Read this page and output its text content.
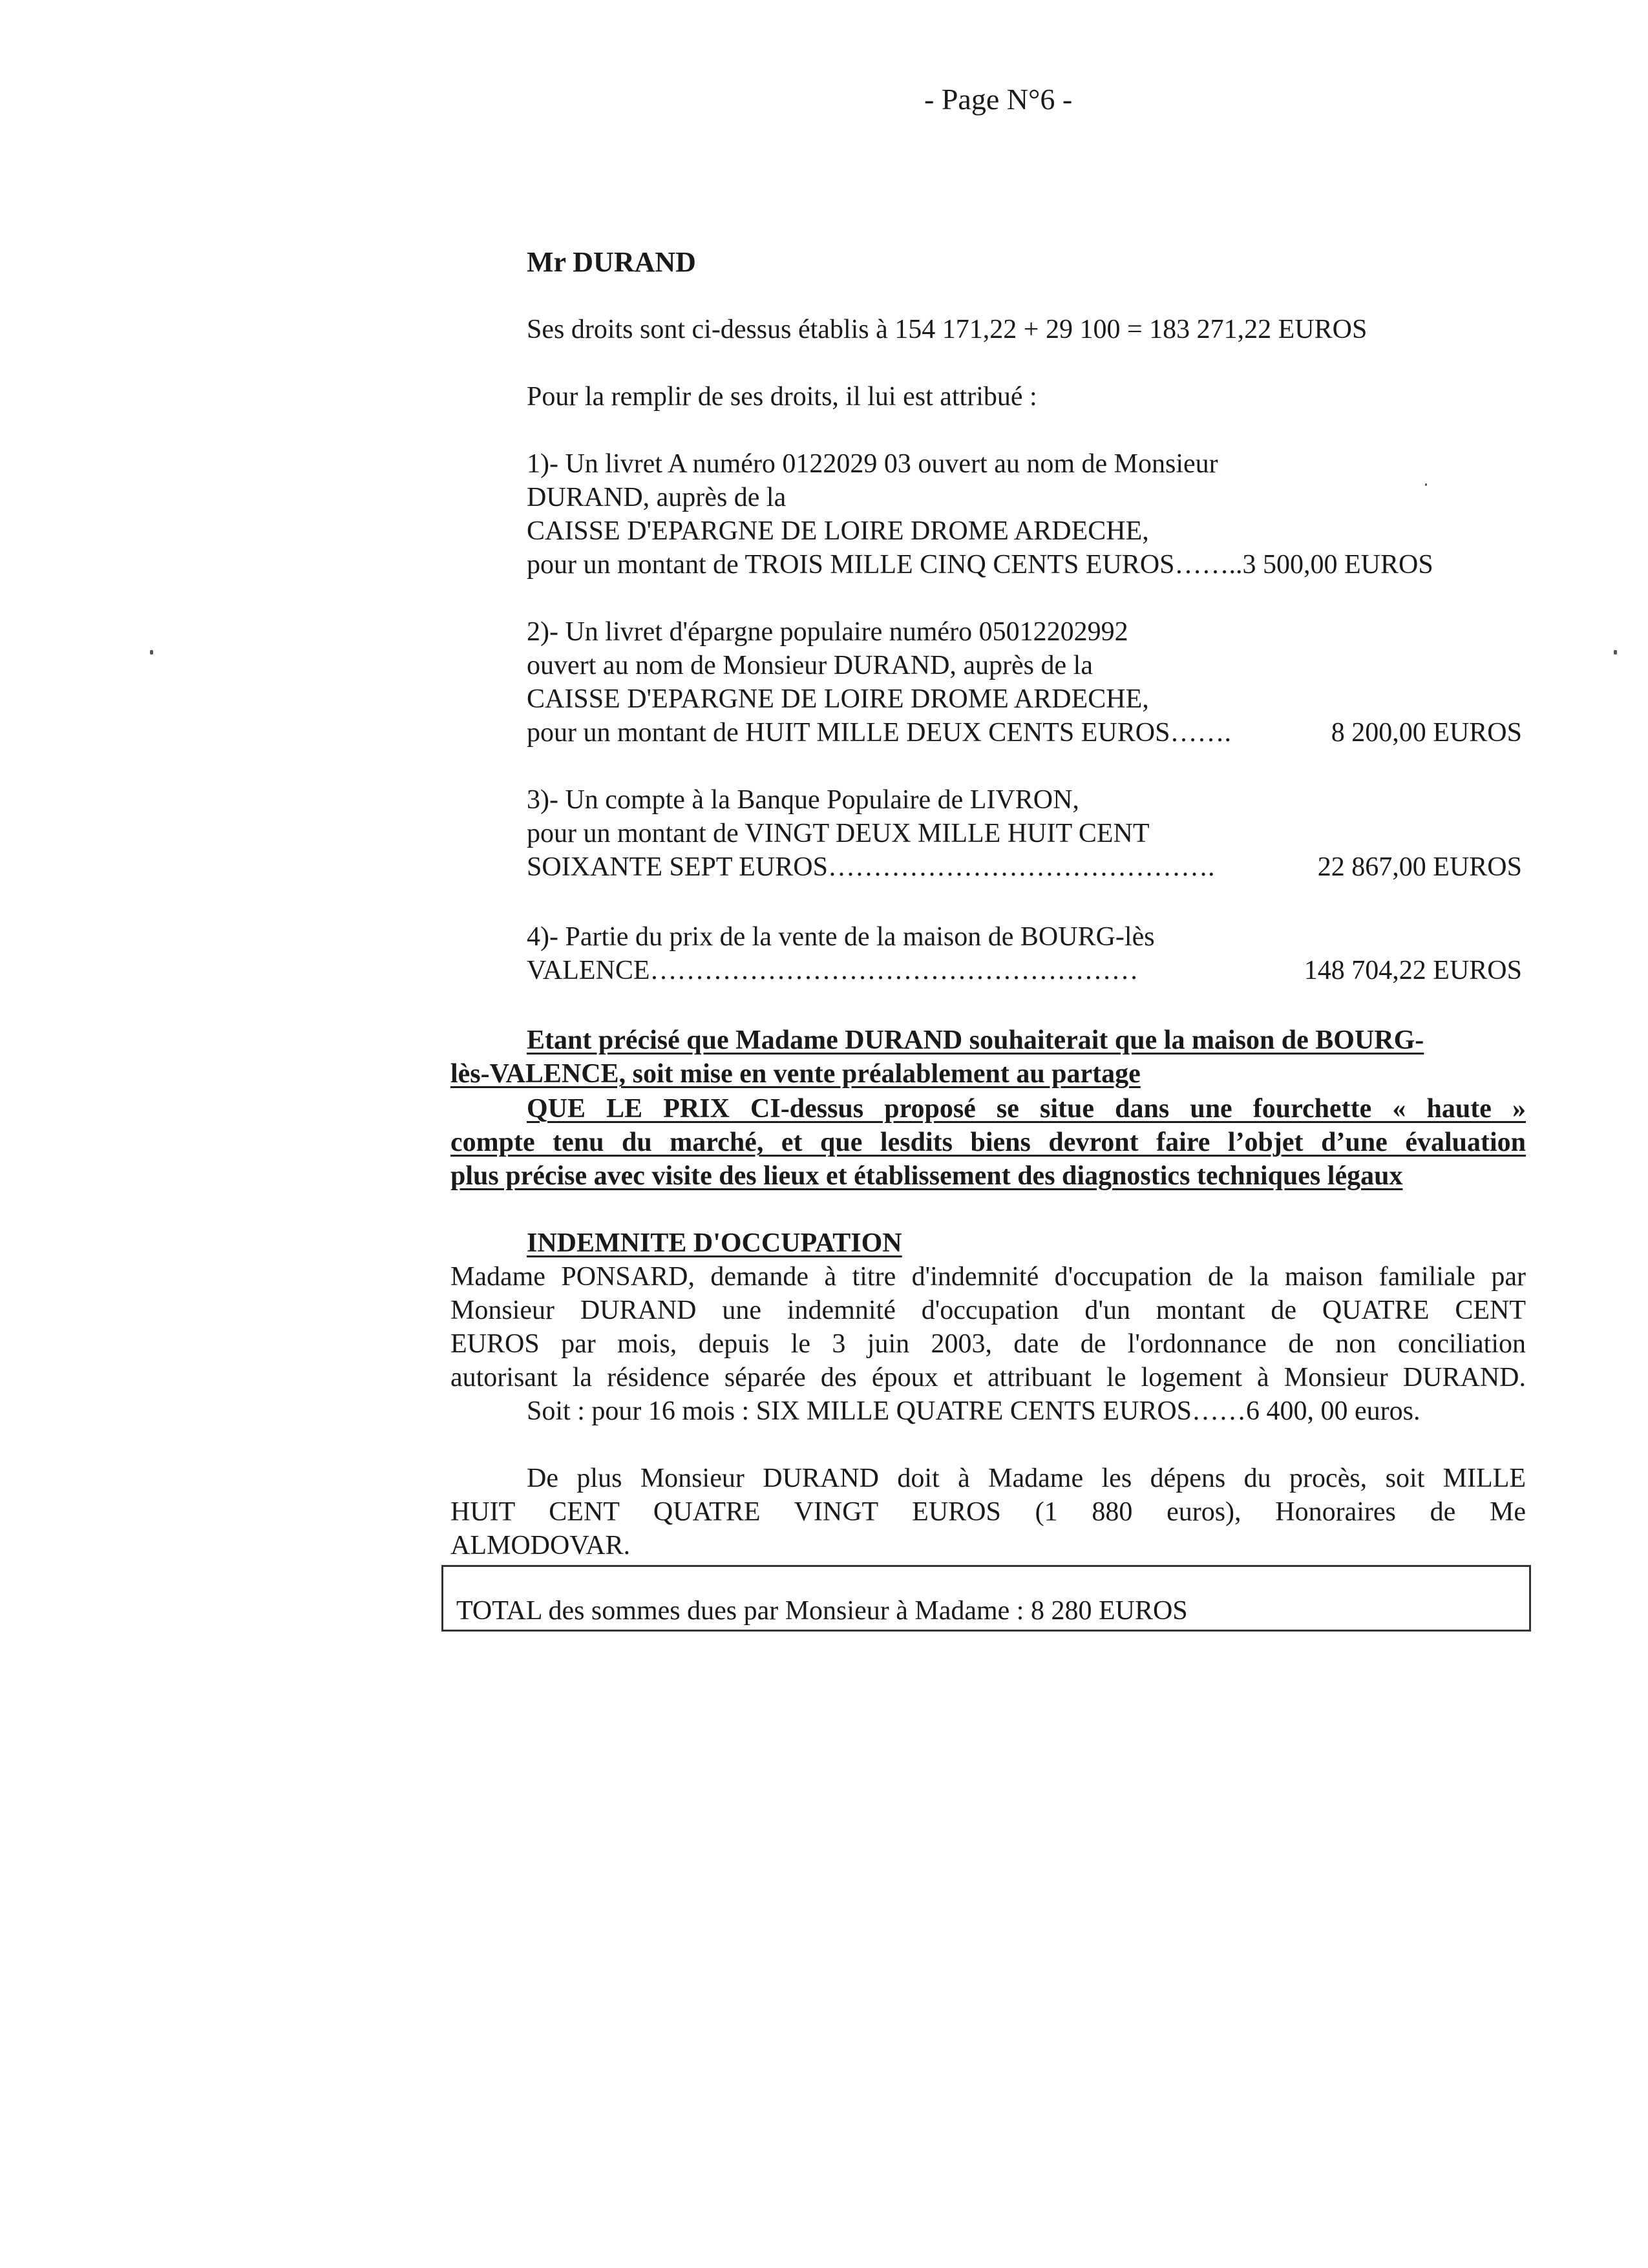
- Page N°6 -
Mr DURAND
Ses droits sont ci-dessus établis à 154 171,22 + 29 100 = 183 271,22 EUROS
Pour la remplir de ses droits, il lui est attribué :
1)- Un livret A numéro 0122029 03 ouvert au nom de Monsieur
DURAND, auprès de la
CAISSE D'EPARGNE DE LOIRE DROME ARDECHE,
pour un montant de TROIS MILLE CINQ CENTS EUROS……..3 500,00 EUROS
2)- Un livret d'épargne populaire numéro 05012202992
ouvert au nom de Monsieur DURAND, auprès de la
CAISSE D'EPARGNE DE LOIRE DROME ARDECHE,
pour un montant de HUIT MILLE DEUX CENTS EUROS…….	8 200,00 EUROS
3)- Un compte à la Banque Populaire de LIVRON,
pour un montant de VINGT DEUX MILLE HUIT CENT
SOIXANTE SEPT EUROS…………………………………….	22 867,00 EUROS
4)- Partie du prix de la vente de la maison de BOURG-lès
VALENCE………………………………………………	148 704,22 EUROS
Etant précisé que Madame DURAND souhaiterait que la maison de BOURG-
lès-VALENCE, soit mise en vente préalablement au partage
QUE LE PRIX CI-dessus proposé se situe dans une fourchette « haute »
compte tenu du marché, et que lesdits biens devront faire l’objet d’une évaluation
plus précise avec visite des lieux et établissement des diagnostics techniques légaux
INDEMNITE D'OCCUPATION
Madame PONSARD, demande à titre d'indemnité d'occupation de la maison familiale par
Monsieur DURAND une indemnité d'occupation d'un montant de QUATRE CENT
EUROS par mois, depuis le 3 juin 2003, date de l'ordonnance de non conciliation
autorisant la résidence séparée des époux et attribuant le logement à Monsieur DURAND.
Soit : pour 16 mois : SIX MILLE QUATRE CENTS EUROS……6 400, 00 euros.
De plus Monsieur DURAND doit à Madame les dépens du procès, soit MILLE
HUIT CENT QUATRE VINGT EUROS (1 880 euros), Honoraires de Me
ALMODOVAR.
TOTAL des sommes dues par Monsieur à Madame : 8 280 EUROS
